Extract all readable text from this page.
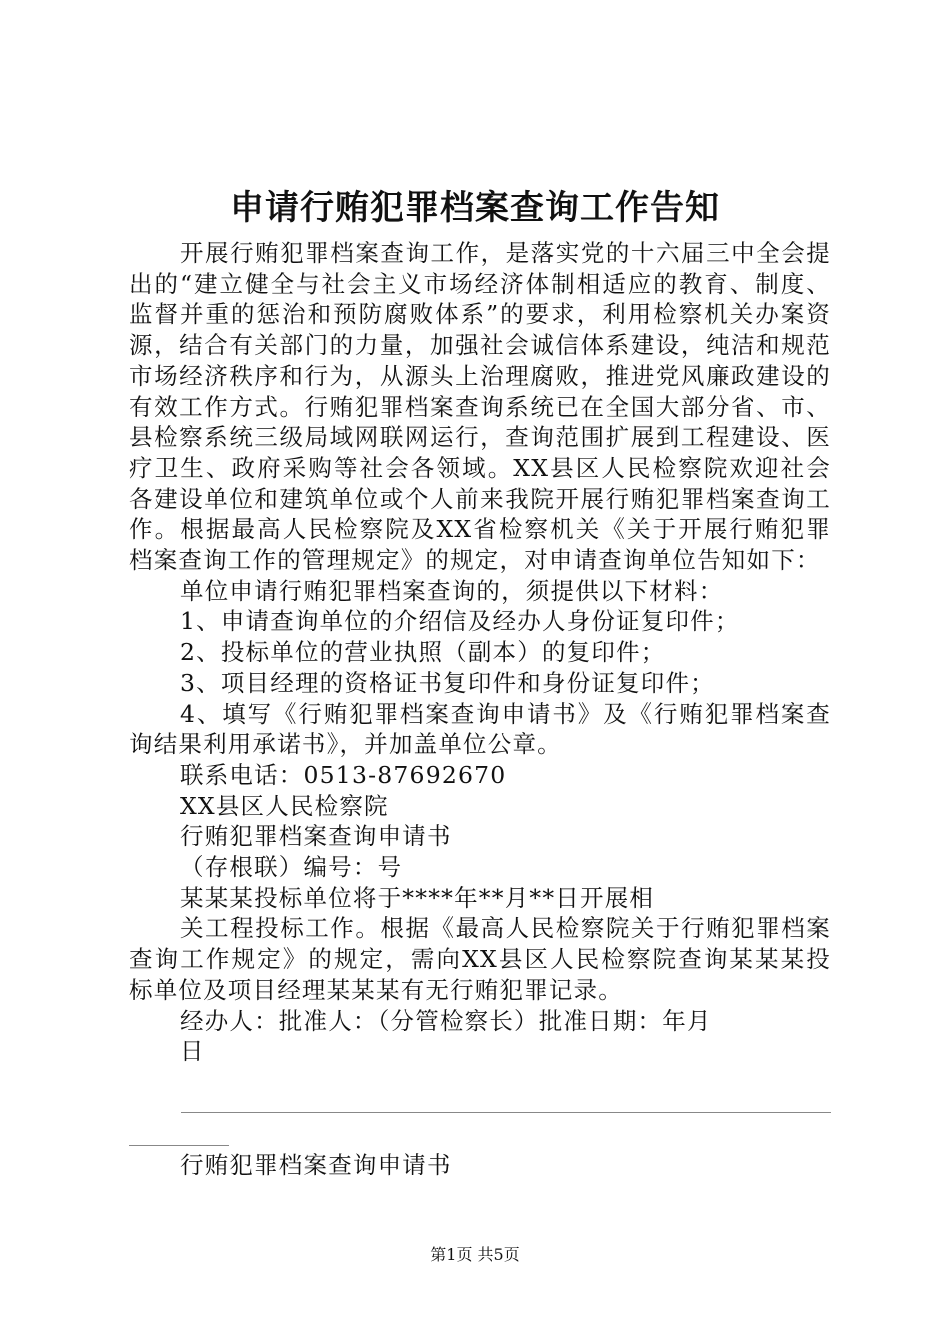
申请行贿犯罪档案查询工作告知

开展行贿犯罪档案查询工作，是落实党的十六届三中全会提出的“建立健全与社会主义市场经济体制相适应的教育、制度、监督并重的惩治和预防腐败体系”的要求，利用检察机关办案资源，结合有关部门的力量，加强社会诚信体系建设，纯洁和规范市场经济秩序和行为，从源头上治理腐败，推进党风廉政建设的有效工作方式。行贿犯罪档案查询系统已在全国大部分省、市、县检察系统三级局域网联网运行，查询范围扩展到工程建设、医疗卫生、政府采购等社会各领域。XX县区人民检察院欢迎社会各建设单位和建筑单位或个人前来我院开展行贿犯罪档案查询工作。根据最高人民检察院及XX省检察机关《关于开展行贿犯罪档案查询工作的管理规定》的规定，对申请查询单位告知如下：

单位申请行贿犯罪档案查询的，须提供以下材料：

1、申请查询单位的介绍信及经办人身份证复印件；

2、投标单位的营业执照（副本）的复印件；

3、项目经理的资格证书复印件和身份证复印件；

4、填写《行贿犯罪档案查询申请书》及《行贿犯罪档案查询结果利用承诺书》，并加盖单位公章。

联系电话：0513-87692670

XX县区人民检察院

行贿犯罪档案查询申请书

（存根联）编号：号

某某某投标单位将于****年**月**日开展相

关工程投标工作。根据《最高人民检察院关于行贿犯罪档案查询工作规定》的规定，需向XX县区人民检察院查询某某某投标单位及项目经理某某某有无行贿犯罪记录。

经办人：批准人：（分管检察长）批准日期：年月

日

行贿犯罪档案查询申请书

第1页 共5页
